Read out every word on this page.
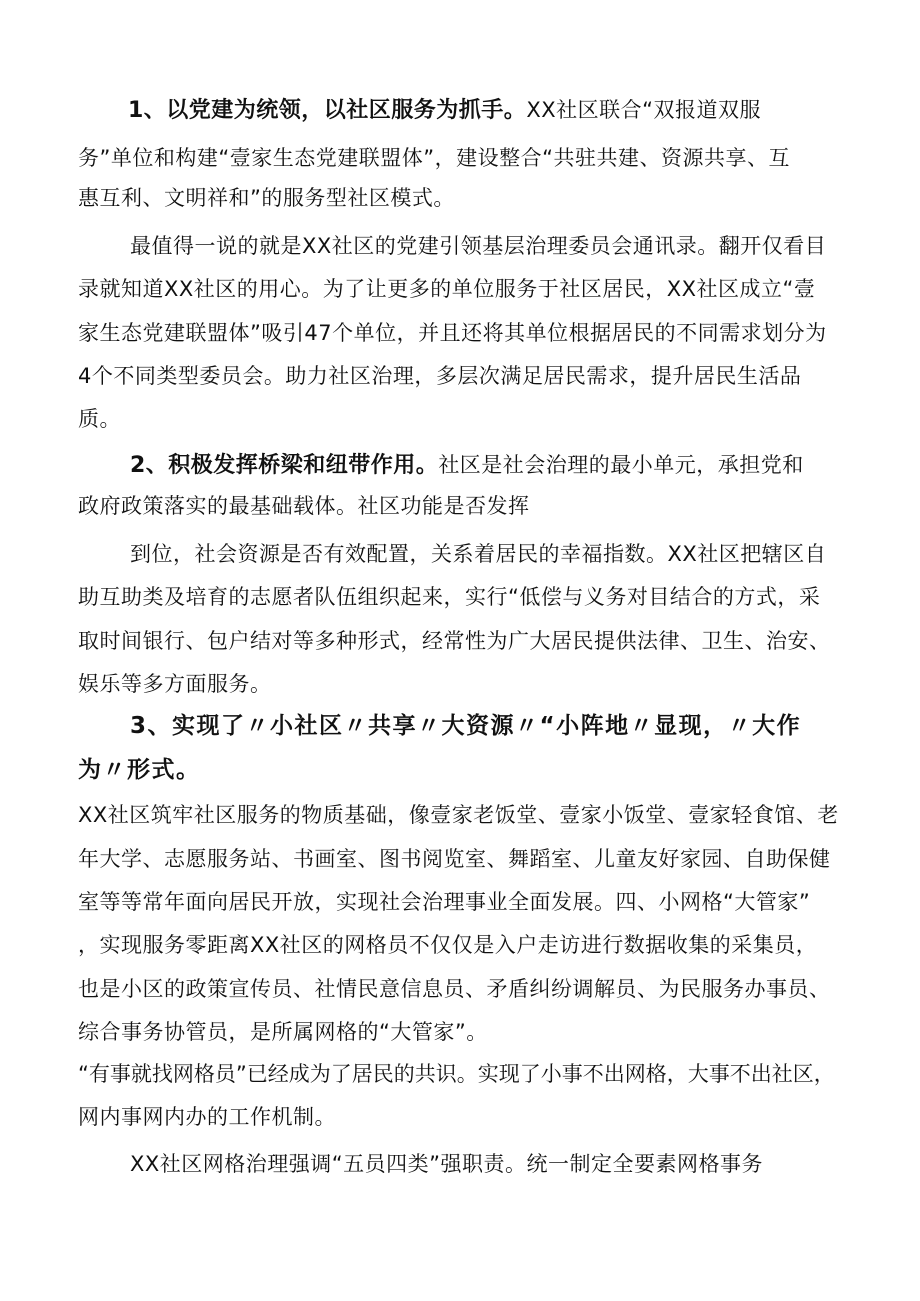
1、以党建为统领，以社区服务为抓手。XX社区联合“双报道双服
务”单位和构建“壹家生态党建联盟体”，建设整合“共驻共建、资源共享、互
惠互利、文明祥和”的服务型社区模式。
最值得一说的就是XX社区的党建引领基层治理委员会通讯录。翻开仅看目
录就知道XX社区的用心。为了让更多的单位服务于社区居民，XX社区成立“壹
家生态党建联盟体”吸引47个单位，并且还将其单位根据居民的不同需求划分为
4个不同类型委员会。助力社区治理，多层次满足居民需求，提升居民生活品
质。
2、积极发挥桥梁和纽带作用。社区是社会治理的最小单元，承担党和
政府政策落实的最基础载体。社区功能是否发挥
到位，社会资源是否有效配置，关系着居民的幸福指数。XX社区把辖区自
助互助类及培育的志愿者队伍组织起来，实行“低偿与义务对目结合的方式，采
取时间银行、包户结对等多种形式，经常性为广大居民提供法律、卫生、治安、
娱乐等多方面服务。
3、实现了〃小社区〃共享〃大资源〃“小阵地〃显现，〃大作
为〃形式。
XX社区筑牢社区服务的物质基础，像壹家老饭堂、壹家小饭堂、壹家轻食馆、老
年大学、志愿服务站、书画室、图书阅览室、舞蹈室、儿童友好家园、自助保健
室等等常年面向居民开放，实现社会治理事业全面发展。四、小网格“大管家”
，实现服务零距离XX社区的网格员不仅仅是入户走访进行数据收集的采集员，
也是小区的政策宣传员、社情民意信息员、矛盾纠纷调解员、为民服务办事员、
综合事务协管员，是所属网格的“大管家”。
“有事就找网格员”已经成为了居民的共识。实现了小事不出网格，大事不出社区，
网内事网内办的工作机制。
XX社区网格治理强调“五员四类”强职责。统一制定全要素网格事务
